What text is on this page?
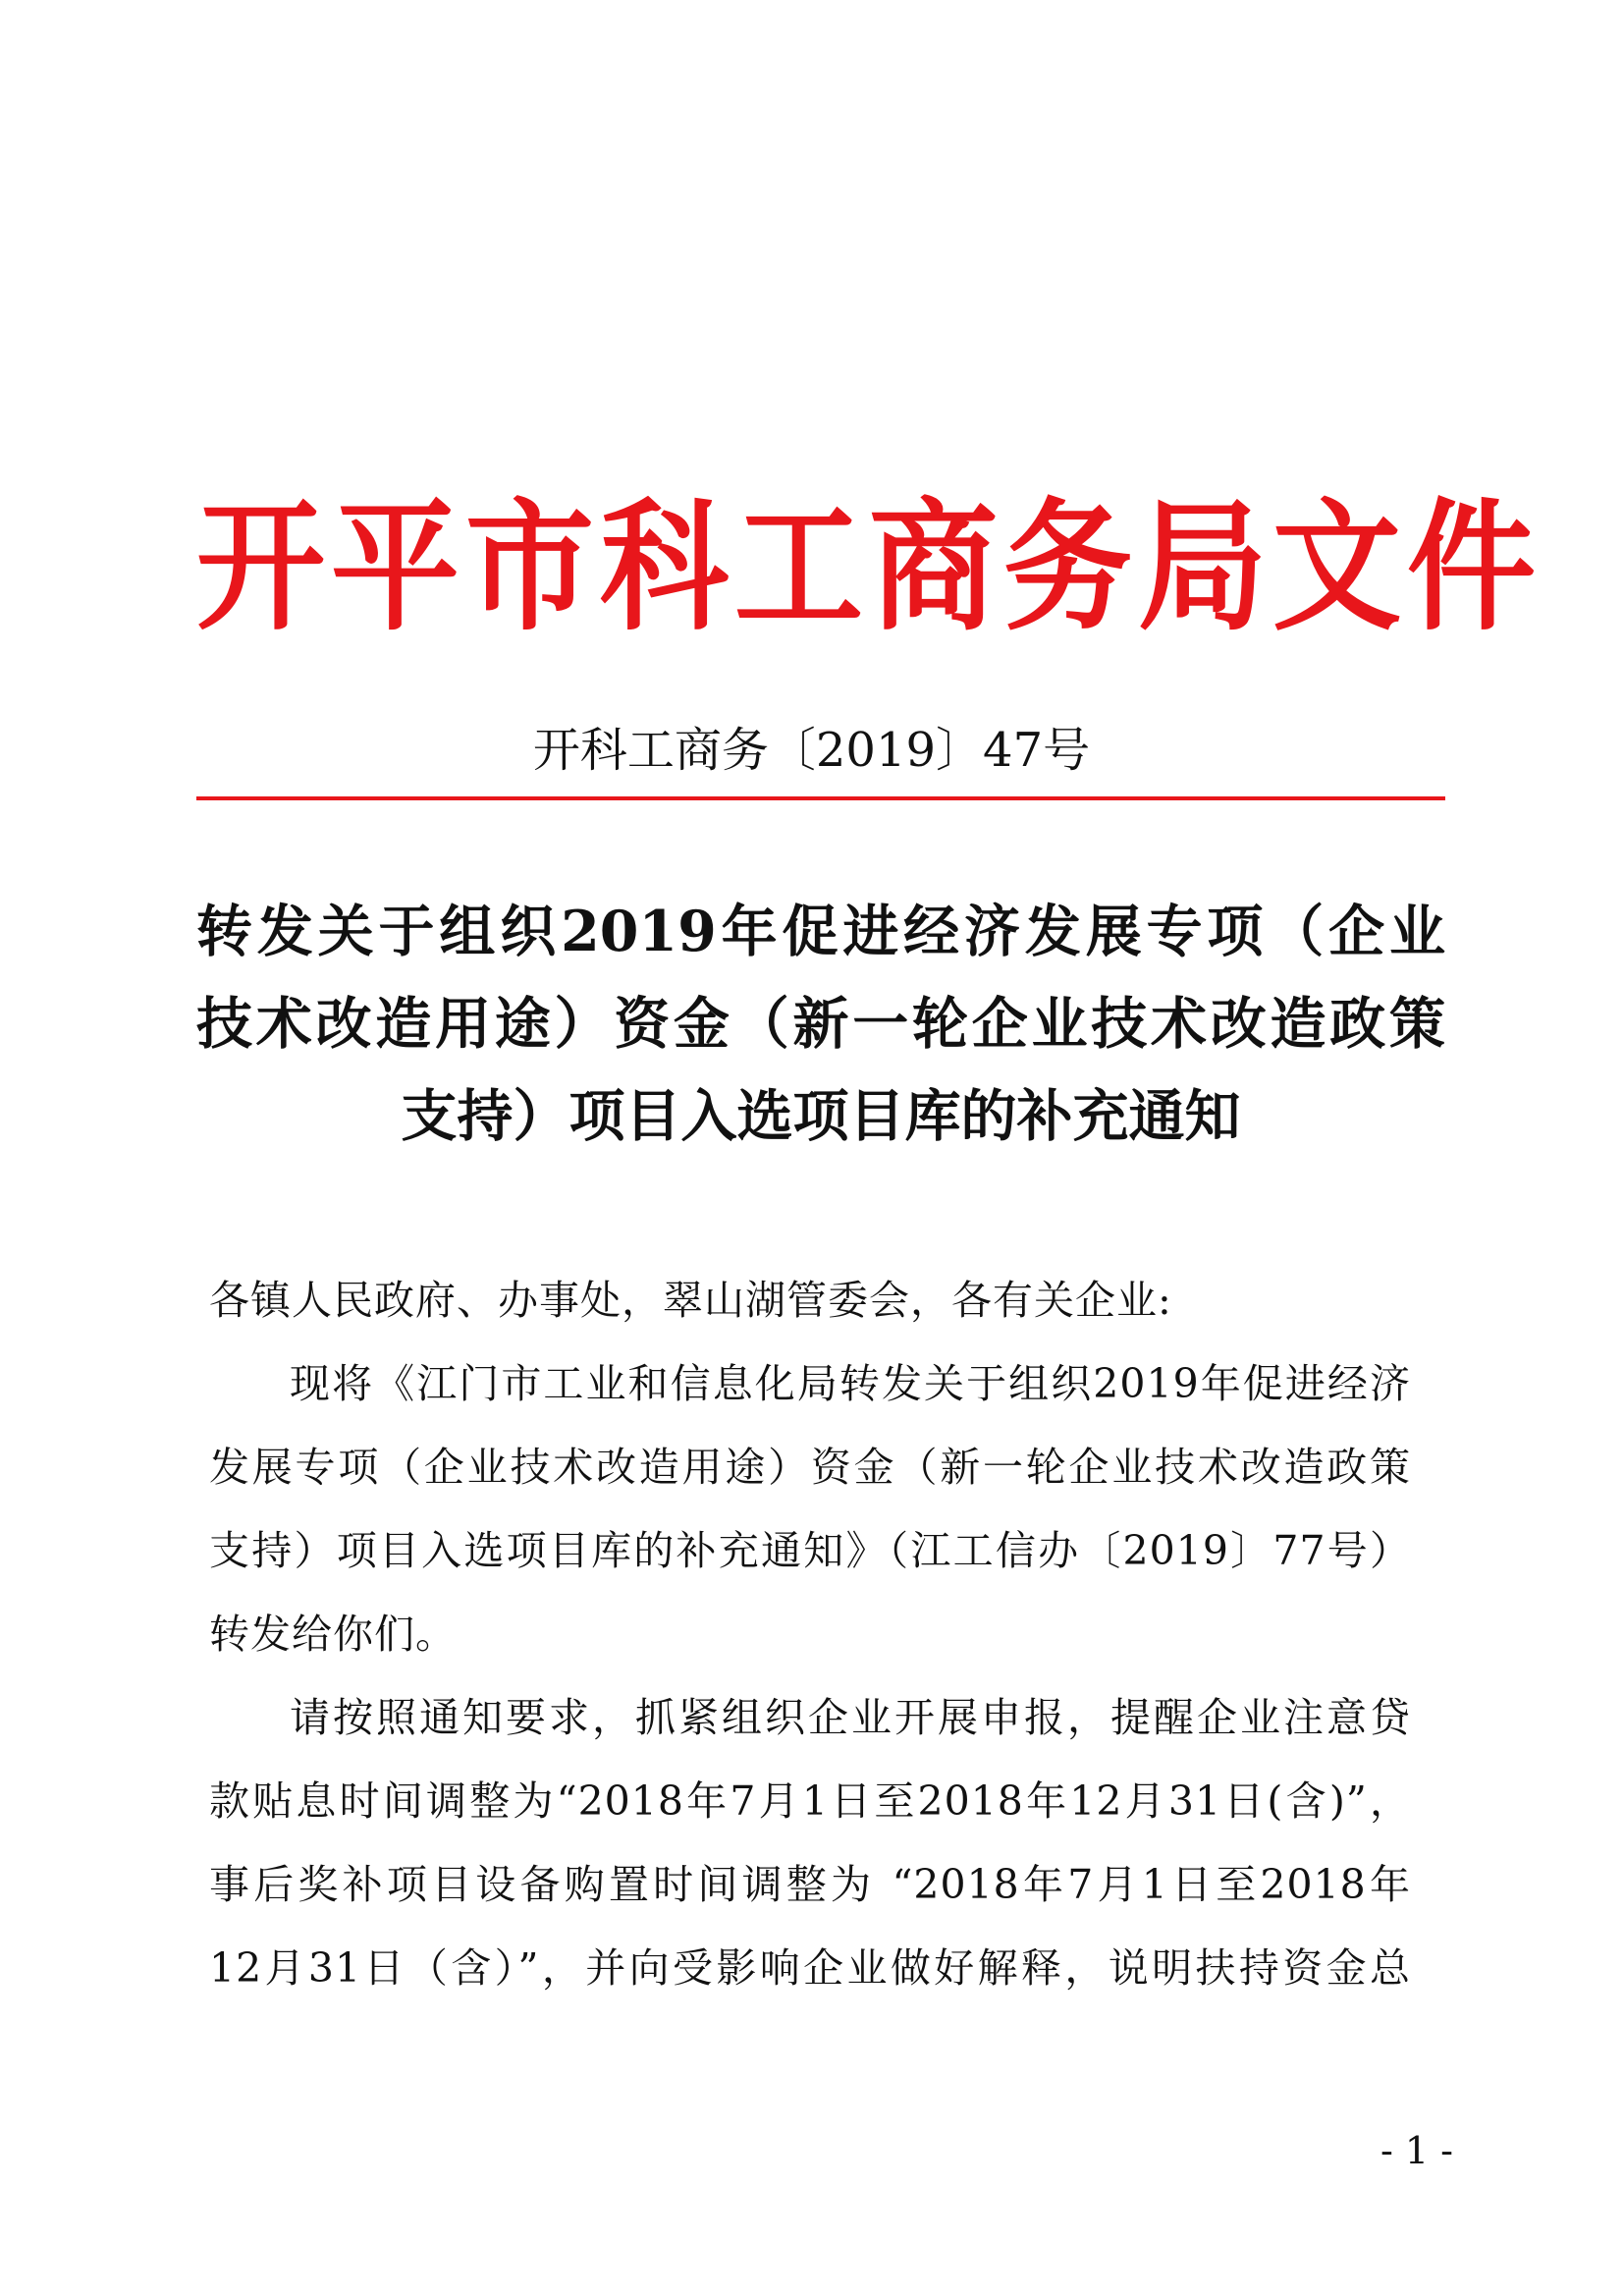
开平市科工商务局文件
开科工商务〔2019〕47号
转发关于组织2019年促进经济发展专项（企业
技术改造用途）资金（新一轮企业技术改造政策
支持）项目入选项目库的补充通知
各镇人民政府、办事处，翠山湖管委会，各有关企业:
现将《江门市工业和信息化局转发关于组织2019年促进经济
发展专项（企业技术改造用途）资金（新一轮企业技术改造政策
支持）项目入选项目库的补充通知》（江工信办〔2019〕77号）
转发给你们。
请按照通知要求，抓紧组织企业开展申报，提醒企业注意贷
款贴息时间调整为“2018年7月1日至2018年12月31日(含)”，
事后奖补项目设备购置时间调整为 “2018年7月1日至2018年
12月31日（含）”，并向受影响企业做好解释，说明扶持资金总
- 1 -
